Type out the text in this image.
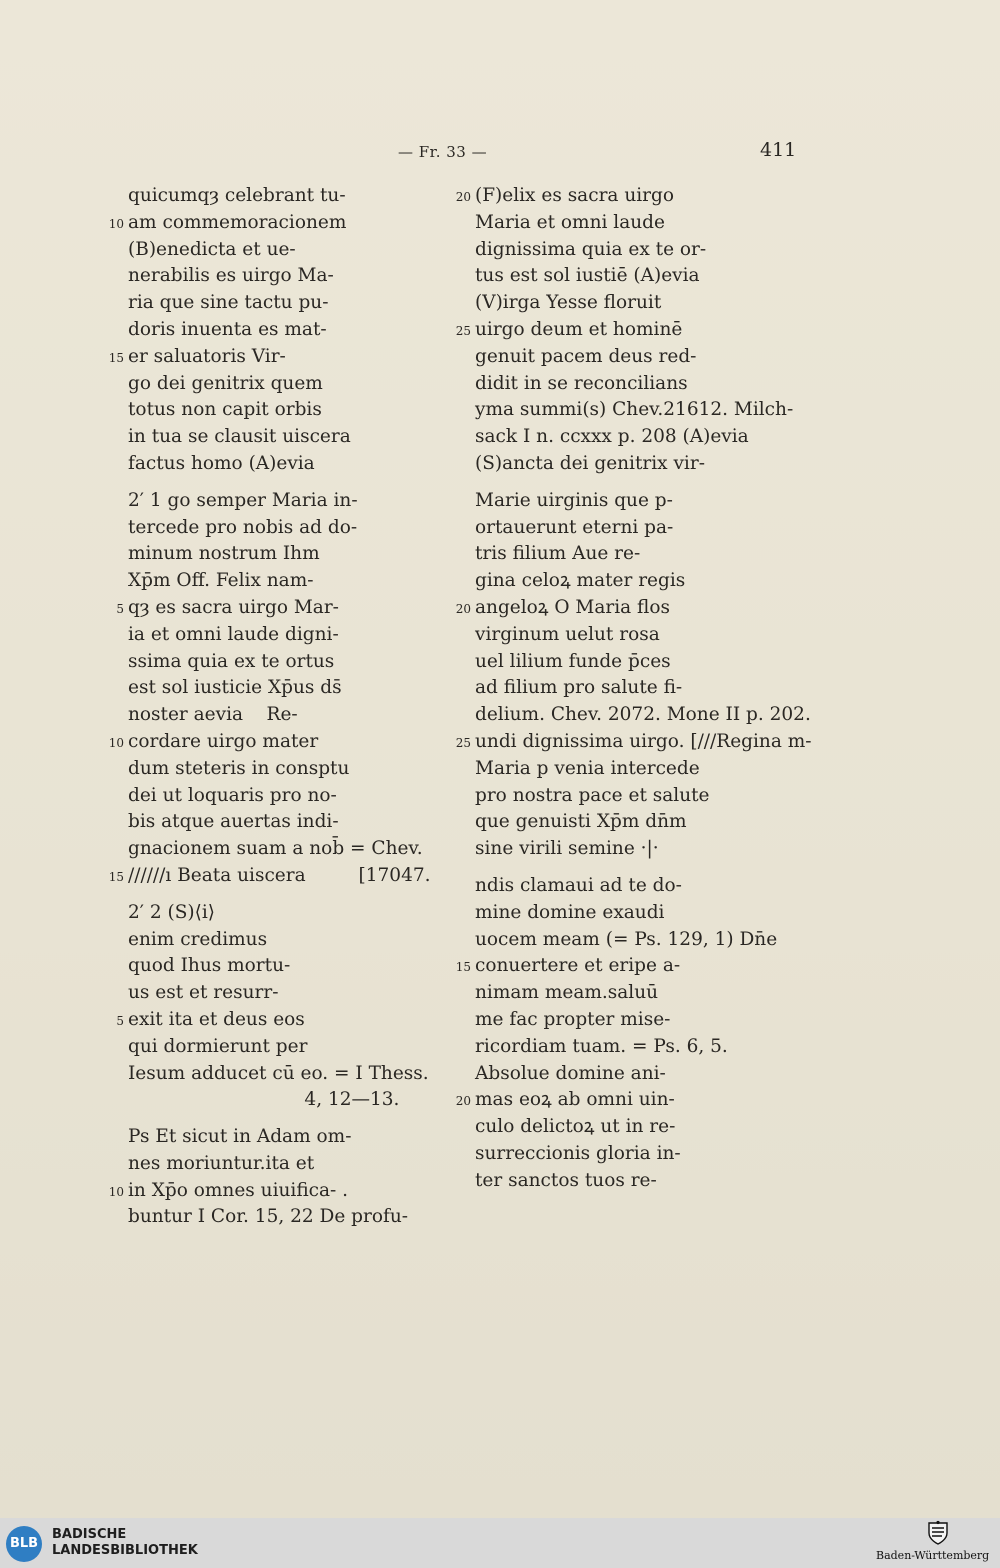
— Fr. 33 —	411
quicumqȝ celebrant tu-
10 am commemoracionem
(B)enedicta et ue-
nerabilis es uirgo Ma-
ria que sine tactu pu-
doris inuenta es mat-
15 er saluatoris Vir-
go dei genitrix quem
totus non capit orbis
in tua se clausit uiscera
factus homo (A)evia
2′ 1 go semper Maria in-
tercede pro nobis ad do-
minum nostrum Ihm
Xp̄m Off. Felix nam-
5 qȝ es sacra uirgo Mar-
ia et omni laude digni-
ssima quia ex te ortus
est sol iusticie Xp̄us ds̄
noster aevia    Re-
10 cordare uirgo mater
dum steteris in consptu
dei ut loquaris pro no-
bis atque auertas indi-
gnacionem suam a nob̄ = Chev.
15 //////ı Beata uiscera         [17047.
2′ 2 (S)⟨i⟩
enim credimus
quod Ihus mortu-
us est et resurr-
5 exit ita et deus eos
qui dormierunt per
Iesum adducet cū eo. = I Thess.
4, 12—13.
Ps Et sicut in Adam om-
nes moriuntur.ita et
10 in Xp̄o omnes uiuifica- .
buntur I Cor. 15, 22 De profu-
20 (F)elix es sacra uirgo
Maria et omni laude
dignissima quia ex te or-
tus est sol iustiē (A)evia
(V)irga Yesse floruit
25 uirgo deum et hominē
genuit pacem deus red-
didit in se reconcilians
yma summi(s) Chev.21612. Milch-
sack I n. ccxxx p. 208 (A)evia
(S)ancta dei genitrix vir-
Marie uirginis que p-
ortauerunt eterni pa-
tris filium Aue re-
gina celoꝝ mater regis
20 angeloꝝ O Maria flos
virginum uelut rosa
uel lilium funde p̄ces
ad filium pro salute fi-
delium. Chev. 2072. Mone II p. 202.
25 undi dignissima uirgo. [///Regina m-
Maria p venia intercede
pro nostra pace et salute
que genuisti Xp̄m dn̄m
sine virili semine ·|·
ndis clamaui ad te do-
mine domine exaudi
uocem meam (= Ps. 129, 1) Dn̄e
15 conuertere et eripe a-
nimam meam.saluū
me fac propter mise-
ricordiam tuam. = Ps. 6, 5.
Absolue domine ani-
20 mas eoꝝ ab omni uin-
culo delictoꝝ ut in re-
surreccionis gloria in-
ter sanctos tuos re-
BLB
BADISCHE
LANDESBIBLIOTHEK	Baden-Württemberg
